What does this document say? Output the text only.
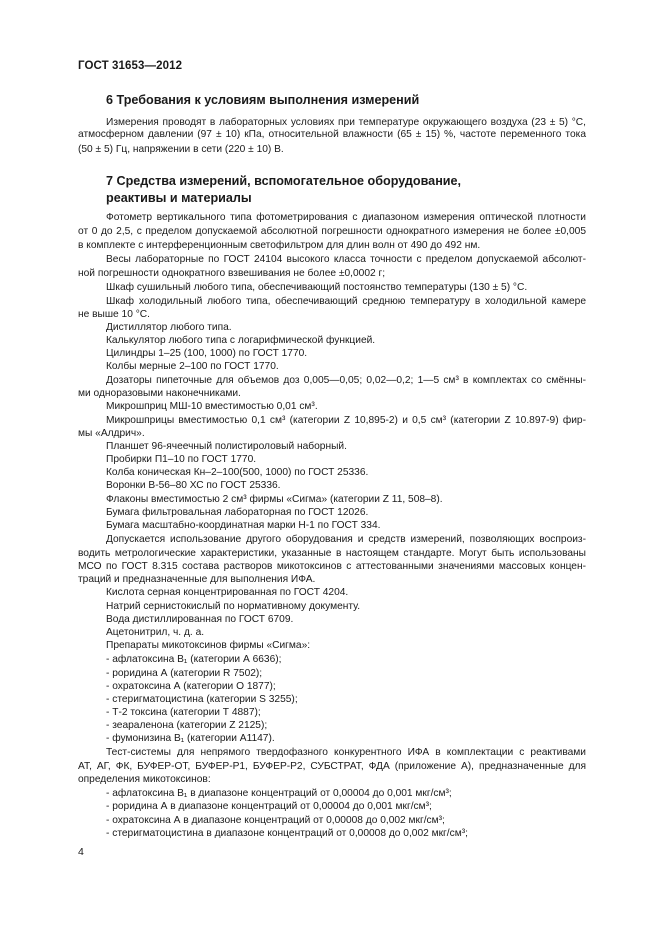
ГОСТ 31653—2012
6 Требования к условиям выполнения измерений
Измерения проводят в лабораторных условиях при температуре окружающего воздуха (23 ± 5) °С,
атмосферном давлении (97 ± 10) кПа, относительной влажности (65 ± 15) %, частоте переменного тока
(50 ± 5) Гц, напряжении в сети (220 ± 10) В.
7 Средства измерений, вспомогательное оборудование,
реактивы и материалы
Фотометр вертикального типа фотометрирования с диапазоном измерения оптической плотности
от 0 до 2,5, с пределом допускаемой абсолютной погрешности однократного измерения не более ±0,005
в комплекте с интерференционным светофильтром для длин волн от 490 до 492 нм.
Весы лабораторные по ГОСТ 24104 высокого класса точности с пределом допускаемой абсолют-
ной погрешности однократного взвешивания не более ±0,0002 г;
Шкаф сушильный любого типа, обеспечивающий постоянство температуры (130 ± 5) °С.
Шкаф холодильный любого типа, обеспечивающий среднюю температуру в холодильной камере
не выше 10 °С.
Дистиллятор любого типа.
Калькулятор любого типа с логарифмической функцией.
Цилиндры 1–25 (100, 1000) по ГОСТ 1770.
Колбы мерные 2–100 по ГОСТ 1770.
Дозаторы пипеточные для объемов доз 0,005—0,05; 0,02—0,2; 1—5 см³ в комплектах со смённы-
ми одноразовыми наконечниками.
Микрошприц МШ-10 вместимостью 0,01 см³.
Микрошприцы вместимостью 0,1 см³ (категории Z 10,895-2) и 0,5 см³ (категории Z 10.897-9) фир-
мы «Алдрич».
Планшет 96-ячеечный полистироловый наборный.
Пробирки П1–10 по ГОСТ 1770.
Колба коническая Кн–2–100(500, 1000) по ГОСТ 25336.
Воронки В-56–80 ХС по ГОСТ 25336.
Флаконы вместимостью 2 см³ фирмы «Сигма» (категории Z 11, 508–8).
Бумага фильтровальная лабораторная по ГОСТ 12026.
Бумага масштабно-координатная марки Н-1 по ГОСТ 334.
Допускается использование другого оборудования и средств измерений, позволяющих воспроиз-
водить метрологические характеристики, указанные в настоящем стандарте. Могут быть использованы
МСО по ГОСТ 8.315 состава растворов микотоксинов с аттестованными значениями массовых концен-
траций и предназначенные для выполнения ИФА.
Кислота серная концентрированная по ГОСТ 4204.
Натрий сернистокислый по нормативному документу.
Вода дистиллированная по ГОСТ 6709.
Ацетонитрил, ч. д. а.
Препараты микотоксинов фирмы «Сигма»:
- афлатоксина В₁ (категории А 6636);
- роридина А (категории R 7502);
- охратоксина А (категории О 1877);
- стеригматоцистина (категории S 3255);
- Т-2 токсина (категории Т 4887);
- зеараленона (категории Z 2125);
- фумонизина В₁ (категории А1147).
Тест-системы для непрямого твердофазного конкурентного ИФА в комплектации с реактивами
АТ, АГ, ФК, БУФЕР-ОТ, БУФЕР-Р1, БУФЕР-Р2, СУБСТРАТ, ФДА (приложение А), предназначенные для
определения микотоксинов:
- афлатоксина В₁ в диапазоне концентраций от 0,00004 до 0,001 мкг/см³;
- роридина А в диапазоне концентраций от 0,00004 до 0,001 мкг/см³;
- охратоксина А в диапазоне концентраций от 0,00008 до 0,002 мкг/см³;
- стеригматоцистина в диапазоне концентраций от 0,00008 до 0,002 мкг/см³;
4
